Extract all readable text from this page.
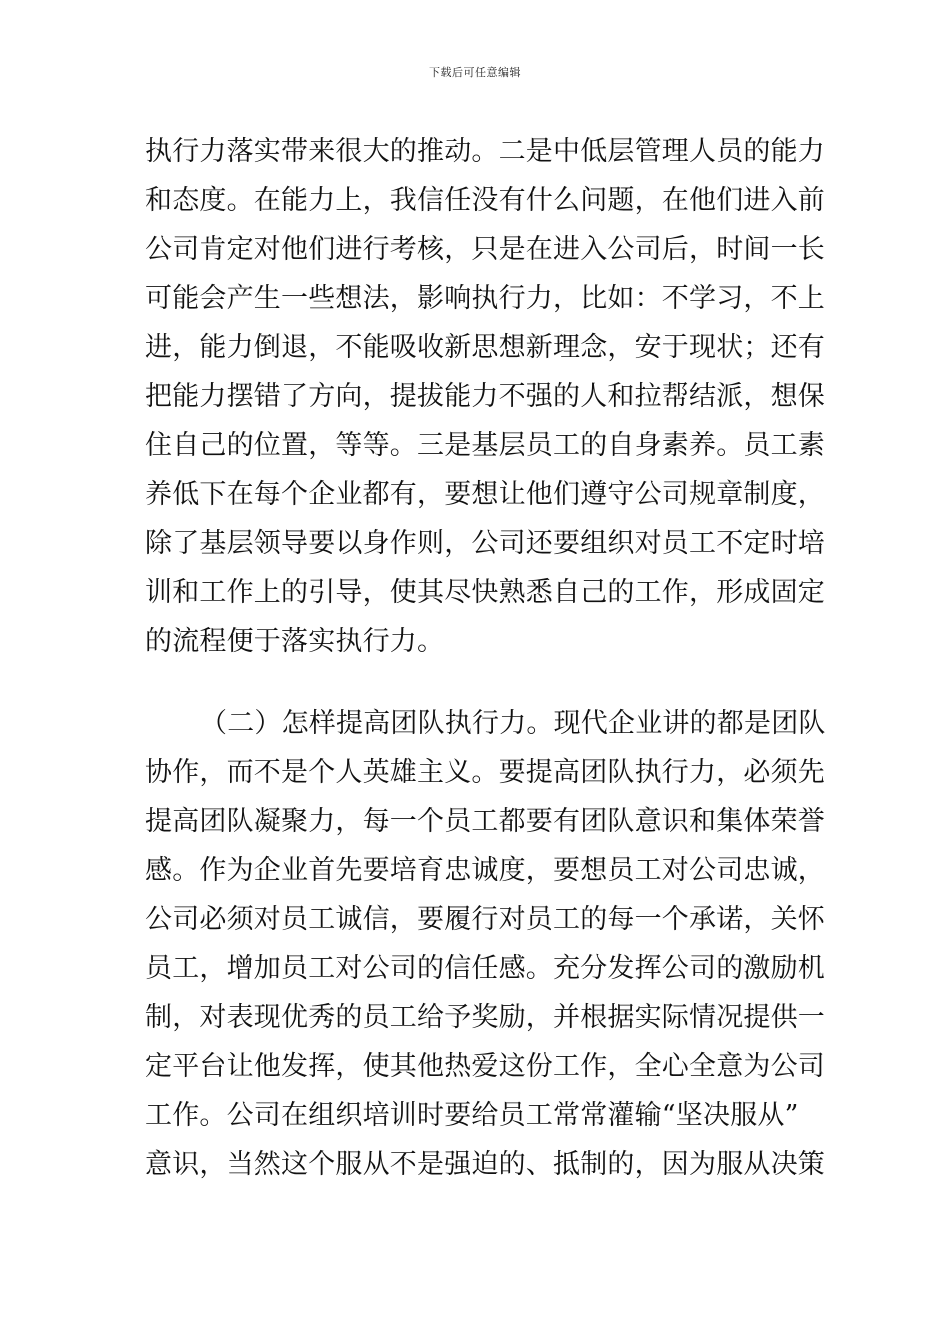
下载后可任意编辑
执行力落实带来很大的推动。二是中低层管理人员的能力
和态度。在能力上，我信任没有什么问题，在他们进入前
公司肯定对他们进行考核，只是在进入公司后，时间一长
可能会产生一些想法，影响执行力，比如：不学习，不上
进，能力倒退，不能吸收新思想新理念，安于现状；还有
把能力摆错了方向，提拔能力不强的人和拉帮结派，想保
住自己的位置，等等。三是基层员工的自身素养。员工素
养低下在每个企业都有，要想让他们遵守公司规章制度，
除了基层领导要以身作则，公司还要组织对员工不定时培
训和工作上的引导，使其尽快熟悉自己的工作，形成固定
的流程便于落实执行力。
（二）怎样提高团队执行力。现代企业讲的都是团队
协作，而不是个人英雄主义。要提高团队执行力，必须先
提高团队凝聚力，每一个员工都要有团队意识和集体荣誉
感。作为企业首先要培育忠诚度，要想员工对公司忠诚，
公司必须对员工诚信，要履行对员工的每一个承诺，关怀
员工，增加员工对公司的信任感。充分发挥公司的激励机
制，对表现优秀的员工给予奖励，并根据实际情况提供一
定平台让他发挥，使其他热爱这份工作，全心全意为公司
工作。公司在组织培训时要给员工常常灌输“坚决服从”
意识，当然这个服从不是强迫的、抵制的，因为服从决策
